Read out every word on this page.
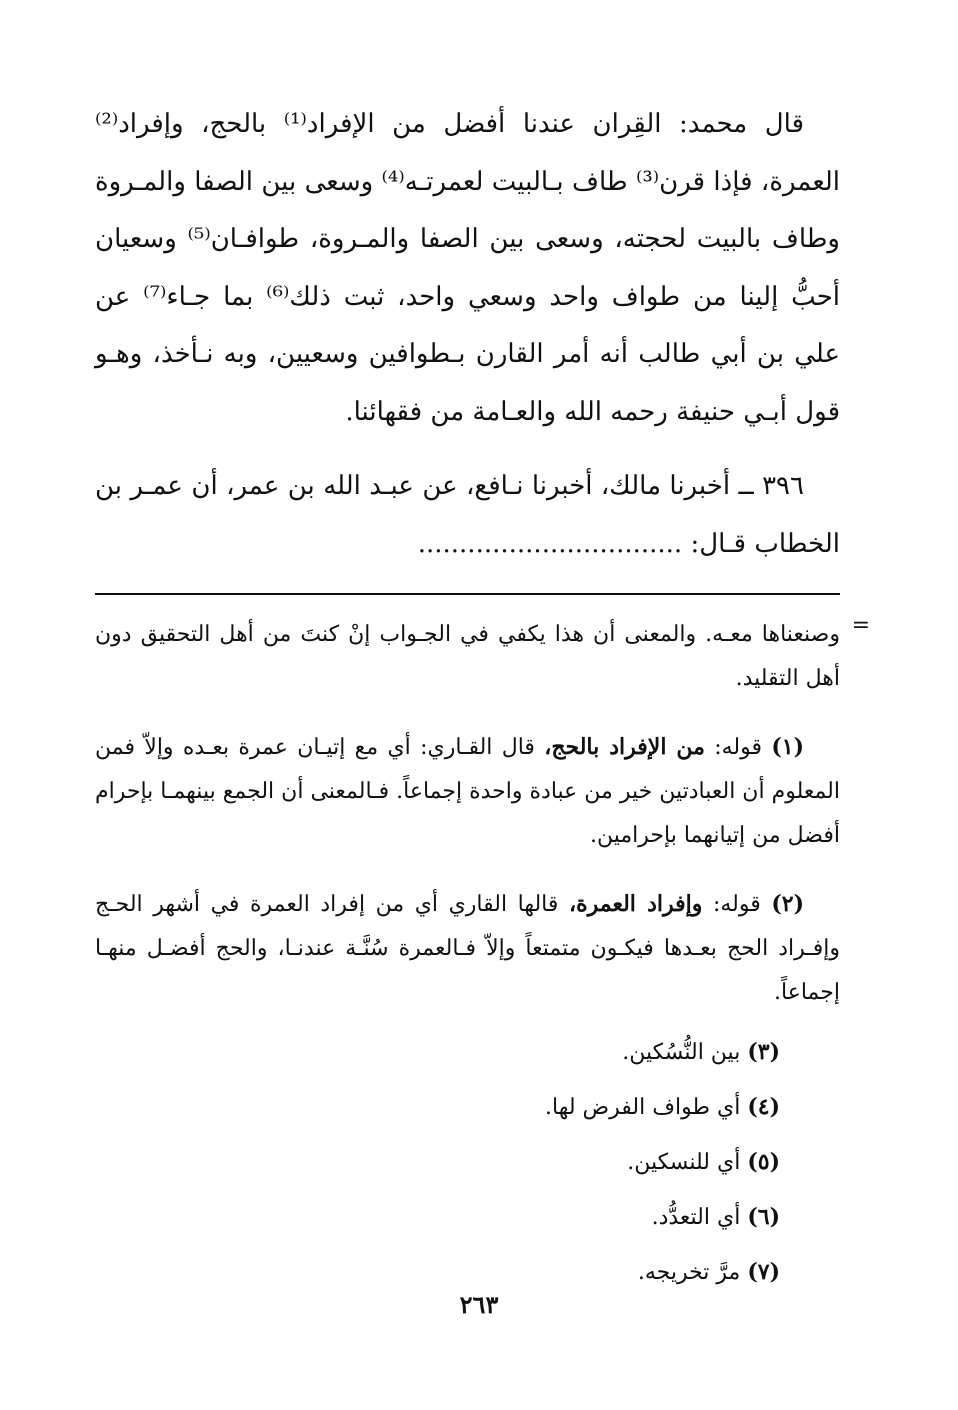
قال محمد: القِران عندنا أفضل من الإفراد⁽¹⁾ بالحج، وإفراد⁽²⁾ العمرة، فإذا قرن⁽³⁾ طاف بـالبيت لعمرتـه⁽⁴⁾ وسعى بين الصفا والمـروة وطاف بالبيت لحجته، وسعى بين الصفا والمـروة، طوافـان⁽⁵⁾ وسعيان أحبُّ إلينا من طواف واحد وسعي واحد، ثبت ذلك⁽⁶⁾ بما جـاء⁽⁷⁾ عن علي بن أبي طالب أنه أمر القارن بـطوافين وسعيين، وبه نـأخذ، وهـو قول أبـي حنيفة رحمه الله والعـامة من فقهائنا.

٣٩٦ ــ أخبرنا مالك، أخبرنا نـافع، عن عبـد الله بن عمر، أن عمـر بن الخطاب قـال: ................................

=

وصنعناها معـه. والمعنى أن هذا يكفي في الجـواب إنْ كنتَ من أهل التحقيق دون أهل التقليد.

(١) قوله: من الإفراد بالحج، قال القـاري: أي مع إتيـان عمرة بعـده وإلاّ فمن المعلوم أن العبادتين خير من عبادة واحدة إجماعاً. فـالمعنى أن الجمع بينهمـا بإحرام أفضل من إتيانهما بإحرامين.

(٢) قوله: وإفراد العمرة، قالها القاري أي من إفراد العمرة في أشهر الحـج وإفـراد الحج بعـدها فيكـون متمتعاً وإلاّ فـالعمرة سُنَّـة عندنـا، والحج أفضـل منهـا إجماعاً.

(٣) بين النُّسُكين.

(٤) أي طواف الفرض لها.

(٥) أي للنسكين.

(٦) أي التعدُّد.

(٧) مرَّ تخريجه.

٢٦٣
